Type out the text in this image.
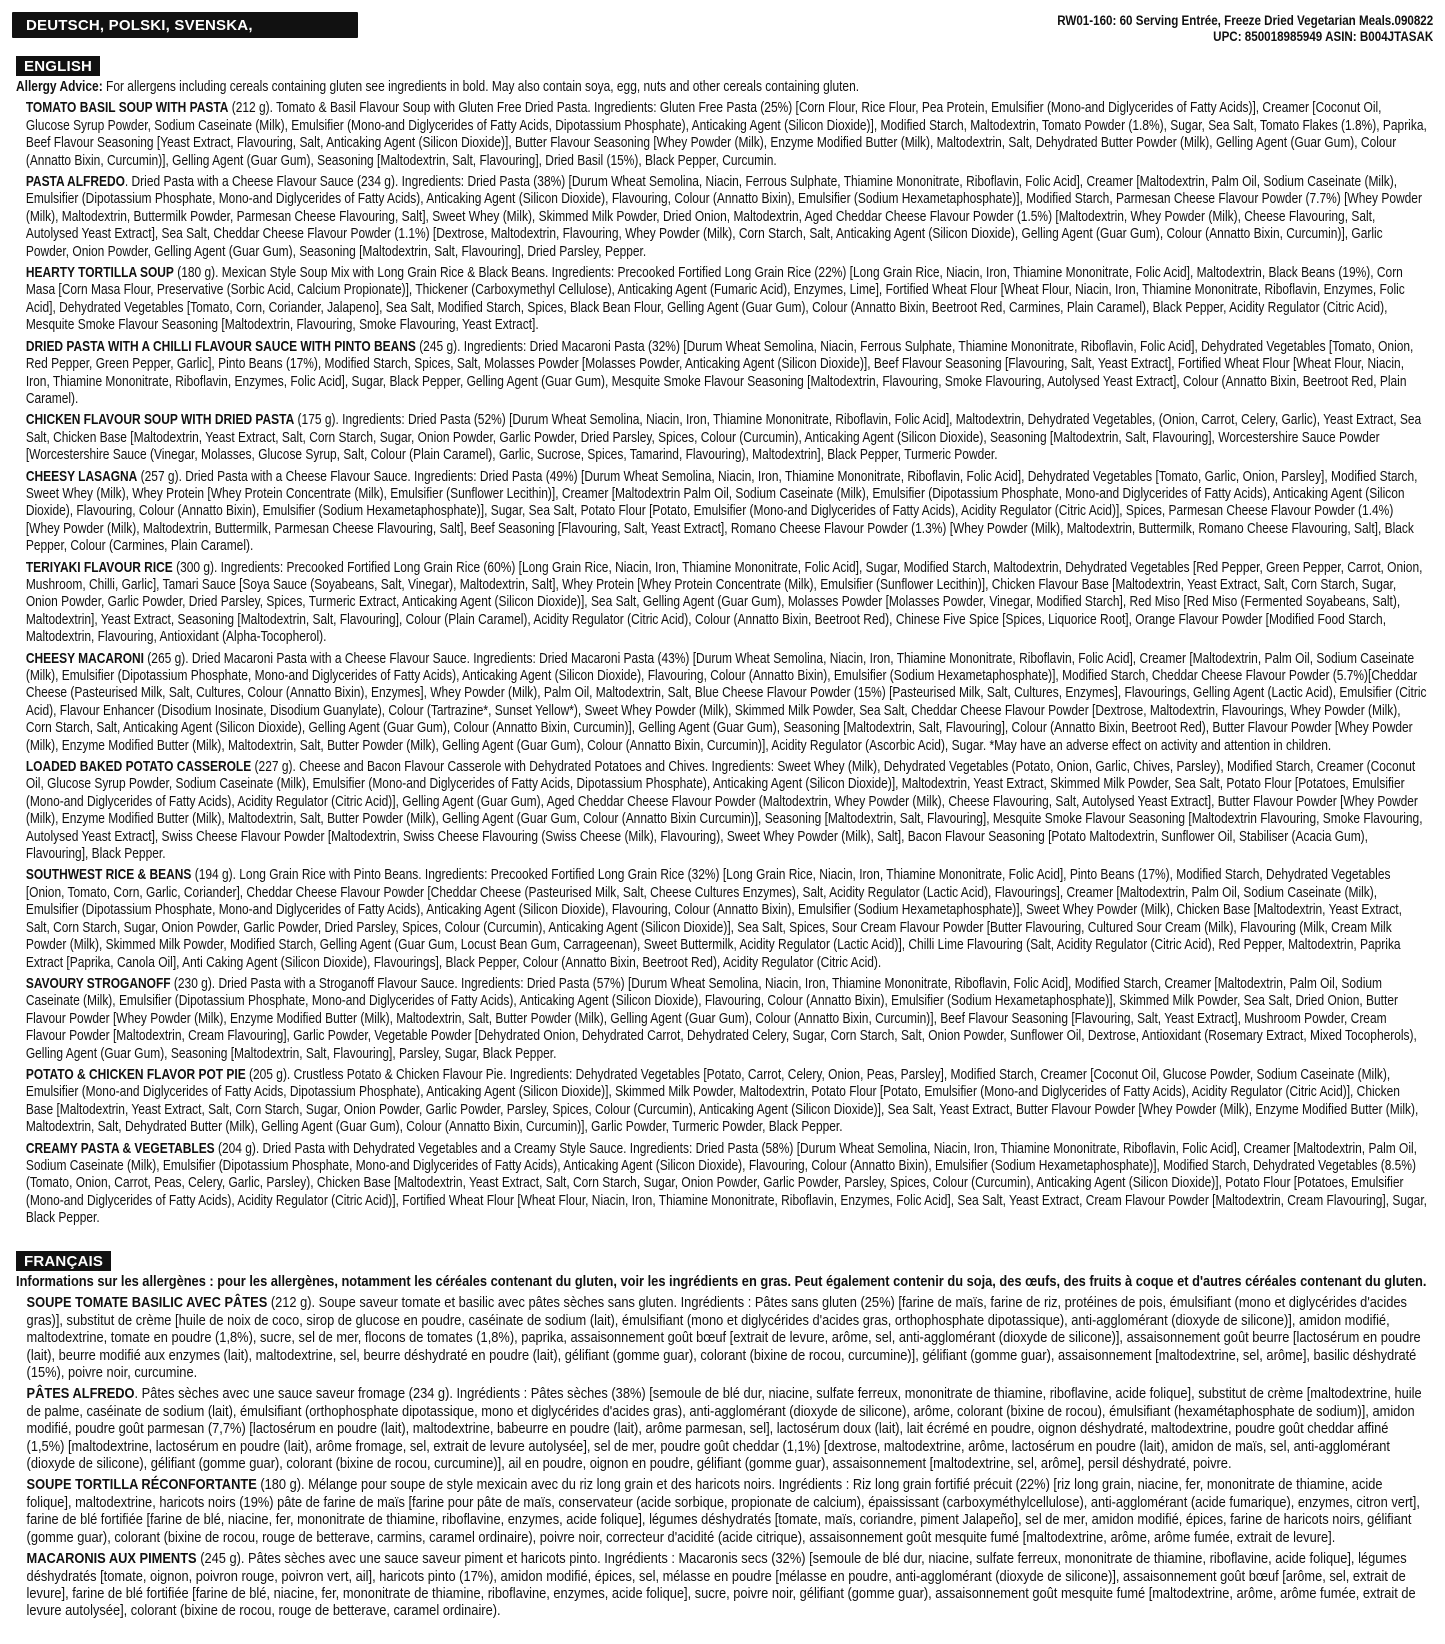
DEUTSCH, POLSKI, SVENSKA, NEDERLAND
RW01-160: 60 Serving Entrée, Freeze Dried Vegetarian Meals.090822
UPC: 850018985949 ASIN: B004JTASAK
ENGLISH

Allergy Advice: For allergens including cereals containing gluten see ingredients in bold. May also contain soya, egg, nuts and other cereals containing gluten.

TOMATO BASIL SOUP WITH PASTA (212 g). Tomato & Basil Flavour Soup with Gluten Free Dried Pasta. Ingredients: Gluten Free Pasta (25%) [Corn Flour, Rice Flour, Pea Protein, Emulsifier (Mono-and Diglycerides of Fatty Acids)], Creamer [Coconut Oil, Glucose Syrup Powder, Sodium Caseinate (Milk), Emulsifier (Mono-and Diglycerides of Fatty Acids, Dipotassium Phosphate), Anticaking Agent (Silicon Dioxide)], Modified Starch, Maltodextrin, Tomato Powder (1.8%), Sugar, Sea Salt, Tomato Flakes (1.8%), Paprika, Beef Flavour Seasoning [Yeast Extract, Flavouring, Salt, Anticaking Agent (Silicon Dioxide)], Butter Flavour Seasoning [Whey Powder (Milk), Enzyme Modified Butter (Milk), Maltodextrin, Salt, Dehydrated Butter Powder (Milk), Gelling Agent (Guar Gum), Colour (Annatto Bixin, Curcumin)], Gelling Agent (Guar Gum), Seasoning [Maltodextrin, Salt, Flavouring], Dried Basil (15%), Black Pepper, Curcumin.

PASTA ALFREDO. Dried Pasta with a Cheese Flavour Sauce (234 g). Ingredients: Dried Pasta (38%) [Durum Wheat Semolina, Niacin, Ferrous Sulphate, Thiamine Mononitrate, Riboflavin, Folic Acid], Creamer [Maltodextrin, Palm Oil, Sodium Caseinate (Milk), Emulsifier (Dipotassium Phosphate, Mono-and Diglycerides of Fatty Acids), Anticaking Agent (Silicon Dioxide), Flavouring, Colour (Annatto Bixin), Emulsifier (Sodium Hexametaphosphate)], Modified Starch, Parmesan Cheese Flavour Powder (7.7%) [Whey Powder (Milk), Maltodextrin, Buttermilk Powder, Parmesan Cheese Flavouring, Salt], Sweet Whey (Milk), Skimmed Milk Powder, Dried Onion, Maltodextrin, Aged Cheddar Cheese Flavour Powder (1.5%) [Maltodextrin, Whey Powder (Milk), Cheese Flavouring, Salt, Autolysed Yeast Extract], Sea Salt, Cheddar Cheese Flavour Powder (1.1%) [Dextrose, Maltodextrin, Flavouring, Whey Powder (Milk), Corn Starch, Salt, Anticaking Agent (Silicon Dioxide), Gelling Agent (Guar Gum), Colour (Annatto Bixin, Curcumin)], Garlic Powder, Onion Powder, Gelling Agent (Guar Gum), Seasoning [Maltodextrin, Salt, Flavouring], Dried Parsley, Pepper.

HEARTY TORTILLA SOUP (180 g). Mexican Style Soup Mix with Long Grain Rice & Black Beans. Ingredients: Precooked Fortified Long Grain Rice (22%) [Long Grain Rice, Niacin, Iron, Thiamine Mononitrate, Folic Acid], Maltodextrin, Black Beans (19%), Corn Masa [Corn Masa Flour, Preservative (Sorbic Acid, Calcium Propionate)], Thickener (Carboxymethyl Cellulose), Anticaking Agent (Fumaric Acid), Enzymes, Lime], Fortified Wheat Flour [Wheat Flour, Niacin, Iron, Thiamine Mononitrate, Riboflavin, Enzymes, Folic Acid], Dehydrated Vegetables [Tomato, Corn, Coriander, Jalapeno], Sea Salt, Modified Starch, Spices, Black Bean Flour, Gelling Agent (Guar Gum), Colour (Annatto Bixin, Beetroot Red, Carmines, Plain Caramel), Black Pepper, Acidity Regulator (Citric Acid), Mesquite Smoke Flavour Seasoning [Maltodextrin, Flavouring, Smoke Flavouring, Yeast Extract].

DRIED PASTA WITH A CHILLI FLAVOUR SAUCE WITH PINTO BEANS (245 g). Ingredients: Dried Macaroni Pasta (32%) [Durum Wheat Semolina, Niacin, Ferrous Sulphate, Thiamine Mononitrate, Riboflavin, Folic Acid], Dehydrated Vegetables [Tomato, Onion, Red Pepper, Green Pepper, Garlic], Pinto Beans (17%), Modified Starch, Spices, Salt, Molasses Powder [Molasses Powder, Anticaking Agent (Silicon Dioxide)], Beef Flavour Seasoning [Flavouring, Salt, Yeast Extract], Fortified Wheat Flour [Wheat Flour, Niacin, Iron, Thiamine Mononitrate, Riboflavin, Enzymes, Folic Acid], Sugar, Black Pepper, Gelling Agent (Guar Gum), Mesquite Smoke Flavour Seasoning [Maltodextrin, Flavouring, Smoke Flavouring, Autolysed Yeast Extract], Colour (Annatto Bixin, Beetroot Red, Plain Caramel).

CHICKEN FLAVOUR SOUP WITH DRIED PASTA (175 g). Ingredients: Dried Pasta (52%) [Durum Wheat Semolina, Niacin, Iron, Thiamine Mononitrate, Riboflavin, Folic Acid], Maltodextrin, Dehydrated Vegetables, (Onion, Carrot, Celery, Garlic), Yeast Extract, Sea Salt, Chicken Base [Maltodextrin, Yeast Extract, Salt, Corn Starch, Sugar, Onion Powder, Garlic Powder, Dried Parsley, Spices, Colour (Curcumin), Anticaking Agent (Silicon Dioxide), Seasoning [Maltodextrin, Salt, Flavouring], Worcestershire Sauce Powder [Worcestershire Sauce (Vinegar, Molasses, Glucose Syrup, Salt, Colour (Plain Caramel), Garlic, Sucrose, Spices, Tamarind, Flavouring), Maltodextrin], Black Pepper, Turmeric Powder.

CHEESY LASAGNA (257 g). Dried Pasta with a Cheese Flavour Sauce. Ingredients: Dried Pasta (49%) [Durum Wheat Semolina, Niacin, Iron, Thiamine Mononitrate, Riboflavin, Folic Acid], Dehydrated Vegetables [Tomato, Garlic, Onion, Parsley], Modified Starch, Sweet Whey (Milk), Whey Protein [Whey Protein Concentrate (Milk), Emulsifier (Sunflower Lecithin)], Creamer [Maltodextrin Palm Oil, Sodium Caseinate (Milk), Emulsifier (Dipotassium Phosphate, Mono-and Diglycerides of Fatty Acids), Anticaking Agent (Silicon Dioxide), Flavouring, Colour (Annatto Bixin), Emulsifier (Sodium Hexametaphosphate)], Sugar, Sea Salt, Potato Flour [Potato, Emulsifier (Mono-and Diglycerides of Fatty Acids), Acidity Regulator (Citric Acid)], Spices, Parmesan Cheese Flavour Powder (1.4%) [Whey Powder (Milk), Maltodextrin, Buttermilk, Parmesan Cheese Flavouring, Salt], Beef Seasoning [Flavouring, Salt, Yeast Extract], Romano Cheese Flavour Powder (1.3%) [Whey Powder (Milk), Maltodextrin, Buttermilk, Romano Cheese Flavouring, Salt], Black Pepper, Colour (Carmines, Plain Caramel).

TERIYAKI FLAVOUR RICE (300 g). Ingredients: Precooked Fortified Long Grain Rice (60%) [Long Grain Rice, Niacin, Iron, Thiamine Mononitrate, Folic Acid], Sugar, Modified Starch, Maltodextrin, Dehydrated Vegetables [Red Pepper, Green Pepper, Carrot, Onion, Mushroom, Chilli, Garlic], Tamari Sauce [Soya Sauce (Soyabeans, Salt, Vinegar), Maltodextrin, Salt], Whey Protein [Whey Protein Concentrate (Milk), Emulsifier (Sunflower Lecithin)], Chicken Flavour Base [Maltodextrin, Yeast Extract, Salt, Corn Starch, Sugar, Onion Powder, Garlic Powder, Dried Parsley, Spices, Turmeric Extract, Anticaking Agent (Silicon Dioxide)], Sea Salt, Gelling Agent (Guar Gum), Molasses Powder [Molasses Powder, Vinegar, Modified Starch], Red Miso [Red Miso (Fermented Soyabeans, Salt), Maltodextrin], Yeast Extract, Seasoning [Maltodextrin, Salt, Flavouring], Colour (Plain Caramel), Acidity Regulator (Citric Acid), Colour (Annatto Bixin, Beetroot Red), Chinese Five Spice [Spices, Liquorice Root], Orange Flavour Powder [Modified Food Starch, Maltodextrin, Flavouring, Antioxidant (Alpha-Tocopherol).

CHEESY MACARONI (265 g). Dried Macaroni Pasta with a Cheese Flavour Sauce. Ingredients: Dried Macaroni Pasta (43%) [Durum Wheat Semolina, Niacin, Iron, Thiamine Mononitrate, Riboflavin, Folic Acid], Creamer [Maltodextrin, Palm Oil, Sodium Caseinate (Milk), Emulsifier (Dipotassium Phosphate, Mono-and Diglycerides of Fatty Acids), Anticaking Agent (Silicon Dioxide), Flavouring, Colour (Annatto Bixin), Emulsifier (Sodium Hexametaphosphate)], Modified Starch, Cheddar Cheese Flavour Powder (5.7%)[Cheddar Cheese (Pasteurised Milk, Salt, Cultures, Colour (Annatto Bixin), Enzymes], Whey Powder (Milk), Palm Oil, Maltodextrin, Salt, Blue Cheese Flavour Powder (15%) [Pasteurised Milk, Salt, Cultures, Enzymes], Flavourings, Gelling Agent (Lactic Acid), Emulsifier (Citric Acid), Flavour Enhancer (Disodium Inosinate, Disodium Guanylate), Colour (Tartrazine*, Sunset Yellow*), Sweet Whey Powder (Milk), Skimmed Milk Powder, Sea Salt, Cheddar Cheese Flavour Powder [Dextrose, Maltodextrin, Flavourings, Whey Powder (Milk), Corn Starch, Salt, Anticaking Agent (Silicon Dioxide), Gelling Agent (Guar Gum), Colour (Annatto Bixin, Curcumin)], Gelling Agent (Guar Gum), Seasoning [Maltodextrin, Salt, Flavouring], Colour (Annatto Bixin, Beetroot Red), Butter Flavour Powder [Whey Powder (Milk), Enzyme Modified Butter (Milk), Maltodextrin, Salt, Butter Powder (Milk), Gelling Agent (Guar Gum), Colour (Annatto Bixin, Curcumin)], Acidity Regulator (Ascorbic Acid), Sugar. *May have an adverse effect on activity and attention in children.

LOADED BAKED POTATO CASSEROLE (227 g). Cheese and Bacon Flavour Casserole with Dehydrated Potatoes and Chives. Ingredients: Sweet Whey (Milk), Dehydrated Vegetables (Potato, Onion, Garlic, Chives, Parsley), Modified Starch, Creamer (Coconut Oil, Glucose Syrup Powder, Sodium Caseinate (Milk), Emulsifier (Mono-and Diglycerides of Fatty Acids, Dipotassium Phosphate), Anticaking Agent (Silicon Dioxide)], Maltodextrin, Yeast Extract, Skimmed Milk Powder, Sea Salt, Potato Flour [Potatoes, Emulsifier (Mono-and Diglycerides of Fatty Acids), Acidity Regulator (Citric Acid)], Gelling Agent (Guar Gum), Aged Cheddar Cheese Flavour Powder (Maltodextrin, Whey Powder (Milk), Cheese Flavouring, Salt, Autolysed Yeast Extract], Butter Flavour Powder [Whey Powder (Milk), Enzyme Modified Butter (Milk), Maltodextrin, Salt, Butter Powder (Milk), Gelling Agent (Guar Gum, Colour (Annatto Bixin Curcumin)], Seasoning [Maltodextrin, Salt, Flavouring], Mesquite Smoke Flavour Seasoning [Maltodextrin Flavouring, Smoke Flavouring, Autolysed Yeast Extract], Swiss Cheese Flavour Powder [Maltodextrin, Swiss Cheese Flavouring (Swiss Cheese (Milk), Flavouring), Sweet Whey Powder (Milk), Salt], Bacon Flavour Seasoning [Potato Maltodextrin, Sunflower Oil, Stabiliser (Acacia Gum), Flavouring], Black Pepper.

SOUTHWEST RICE & BEANS (194 g). Long Grain Rice with Pinto Beans. Ingredients: Precooked Fortified Long Grain Rice (32%) [Long Grain Rice, Niacin, Iron, Thiamine Mononitrate, Folic Acid], Pinto Beans (17%), Modified Starch, Dehydrated Vegetables [Onion, Tomato, Corn, Garlic, Coriander], Cheddar Cheese Flavour Powder [Cheddar Cheese (Pasteurised Milk, Salt, Cheese Cultures Enzymes), Salt, Acidity Regulator (Lactic Acid), Flavourings], Creamer [Maltodextrin, Palm Oil, Sodium Caseinate (Milk), Emulsifier (Dipotassium Phosphate, Mono-and Diglycerides of Fatty Acids), Anticaking Agent (Silicon Dioxide), Flavouring, Colour (Annatto Bixin), Emulsifier (Sodium Hexametaphosphate)], Sweet Whey Powder (Milk), Chicken Base [Maltodextrin, Yeast Extract, Salt, Corn Starch, Sugar, Onion Powder, Garlic Powder, Dried Parsley, Spices, Colour (Curcumin), Anticaking Agent (Silicon Dioxide)], Sea Salt, Spices, Sour Cream Flavour Powder [Butter Flavouring, Cultured Sour Cream (Milk), Flavouring (Milk, Cream Milk Powder (Milk), Skimmed Milk Powder, Modified Starch, Gelling Agent (Guar Gum, Locust Bean Gum, Carrageenan), Sweet Buttermilk, Acidity Regulator (Lactic Acid)], Chilli Lime Flavouring (Salt, Acidity Regulator (Citric Acid), Red Pepper, Maltodextrin, Paprika Extract [Paprika, Canola Oil], Anti Caking Agent (Silicon Dioxide), Flavourings], Black Pepper, Colour (Annatto Bixin, Beetroot Red), Acidity Regulator (Citric Acid).

SAVOURY STROGANOFF (230 g). Dried Pasta with a Stroganoff Flavour Sauce. Ingredients: Dried Pasta (57%) [Durum Wheat Semolina, Niacin, Iron, Thiamine Mononitrate, Riboflavin, Folic Acid], Modified Starch, Creamer [Maltodextrin, Palm Oil, Sodium Caseinate (Milk), Emulsifier (Dipotassium Phosphate, Mono-and Diglycerides of Fatty Acids), Anticaking Agent (Silicon Dioxide), Flavouring, Colour (Annatto Bixin), Emulsifier (Sodium Hexametaphosphate)], Skimmed Milk Powder, Sea Salt, Dried Onion, Butter Flavour Powder [Whey Powder (Milk), Enzyme Modified Butter (Milk), Maltodextrin, Salt, Butter Powder (Milk), Gelling Agent (Guar Gum), Colour (Annatto Bixin, Curcumin)], Beef Flavour Seasoning [Flavouring, Salt, Yeast Extract], Mushroom Powder, Cream Flavour Powder [Maltodextrin, Cream Flavouring], Garlic Powder, Vegetable Powder [Dehydrated Onion, Dehydrated Carrot, Dehydrated Celery, Sugar, Corn Starch, Salt, Onion Powder, Sunflower Oil, Dextrose, Antioxidant (Rosemary Extract, Mixed Tocopherols), Gelling Agent (Guar Gum), Seasoning [Maltodextrin, Salt, Flavouring], Parsley, Sugar, Black Pepper.

POTATO & CHICKEN FLAVOR POT PIE (205 g). Crustless Potato & Chicken Flavour Pie. Ingredients: Dehydrated Vegetables [Potato, Carrot, Celery, Onion, Peas, Parsley], Modified Starch, Creamer [Coconut Oil, Glucose Powder, Sodium Caseinate (Milk), Emulsifier (Mono-and Diglycerides of Fatty Acids, Dipotassium Phosphate), Anticaking Agent (Silicon Dioxide)], Skimmed Milk Powder, Maltodextrin, Potato Flour [Potato, Emulsifier (Mono-and Diglycerides of Fatty Acids), Acidity Regulator (Citric Acid)], Chicken Base [Maltodextrin, Yeast Extract, Salt, Corn Starch, Sugar, Onion Powder, Garlic Powder, Parsley, Spices, Colour (Curcumin), Anticaking Agent (Silicon Dioxide)], Sea Salt, Yeast Extract, Butter Flavour Powder [Whey Powder (Milk), Enzyme Modified Butter (Milk), Maltodextrin, Salt, Dehydrated Butter (Milk), Gelling Agent (Guar Gum), Colour (Annatto Bixin, Curcumin)], Garlic Powder, Turmeric Powder, Black Pepper.

CREAMY PASTA & VEGETABLES (204 g). Dried Pasta with Dehydrated Vegetables and a Creamy Style Sauce. Ingredients: Dried Pasta (58%) [Durum Wheat Semolina, Niacin, Iron, Thiamine Mononitrate, Riboflavin, Folic Acid], Creamer [Maltodextrin, Palm Oil, Sodium Caseinate (Milk), Emulsifier (Dipotassium Phosphate, Mono-and Diglycerides of Fatty Acids), Anticaking Agent (Silicon Dioxide), Flavouring, Colour (Annatto Bixin), Emulsifier (Sodium Hexametaphosphate)], Modified Starch, Dehydrated Vegetables (8.5%) (Tomato, Onion, Carrot, Peas, Celery, Garlic, Parsley), Chicken Base [Maltodextrin, Yeast Extract, Salt, Corn Starch, Sugar, Onion Powder, Garlic Powder, Parsley, Spices, Colour (Curcumin), Anticaking Agent (Silicon Dioxide)], Potato Flour [Potatoes, Emulsifier (Mono-and Diglycerides of Fatty Acids), Acidity Regulator (Citric Acid)], Fortified Wheat Flour [Wheat Flour, Niacin, Iron, Thiamine Mononitrate, Riboflavin, Enzymes, Folic Acid], Sea Salt, Yeast Extract, Cream Flavour Powder [Maltodextrin, Cream Flavouring], Sugar, Black Pepper.

FRANÇAIS

Informations sur les allergènes : pour les allergènes, notamment les céréales contenant du gluten, voir les ingrédients en gras. Peut également contenir du soja, des œufs, des fruits à coque et d'autres céréales contenant du gluten.

SOUPE TOMATE BASILIC AVEC PÂTES (212 g). Soupe saveur tomate et basilic avec pâtes sèches sans gluten. Ingrédients : Pâtes sans gluten (25%) [farine de maïs, farine de riz, protéines de pois, émulsifiant (mono et diglycérides d'acides gras)], substitut de crème [huile de noix de coco, sirop de glucose en poudre, caséinate de sodium (lait), émulsifiant (mono et diglycérides d'acides gras, orthophosphate dipotassique), anti-agglomérant (dioxyde de silicone)], amidon modifié, maltodextrine, tomate en poudre (1,8%), sucre, sel de mer, flocons de tomates (1,8%), paprika, assaisonnement goût bœuf [extrait de levure, arôme, sel, anti-agglomérant (dioxyde de silicone)], assaisonnement goût beurre [lactosérum en poudre (lait), beurre modifié aux enzymes (lait), maltodextrine, sel, beurre déshydraté en poudre (lait), gélifiant (gomme guar), colorant (bixine de rocou, curcumine)], gélifiant (gomme guar), assaisonnement [maltodextrine, sel, arôme], basilic déshydraté (15%), poivre noir, curcumine.

PÂTES ALFREDO. Pâtes sèches avec une sauce saveur fromage (234 g). Ingrédients : Pâtes sèches (38%) [semoule de blé dur, niacine, sulfate ferreux, mononitrate de thiamine, riboflavine, acide folique], substitut de crème [maltodextrine, huile de palme, caséinate de sodium (lait), émulsifiant (orthophosphate dipotassique, mono et diglycérides d'acides gras), anti-agglomérant (dioxyde de silicone), arôme, colorant (bixine de rocou), émulsifiant (hexamétaphosphate de sodium)], amidon modifié, poudre goût parmesan (7,7%) [lactosérum en poudre (lait), maltodextrine, babeurre en poudre (lait), arôme parmesan, sel], lactosérum doux (lait), lait écrémé en poudre, oignon déshydraté, maltodextrine, poudre goût cheddar affiné (1,5%) [maltodextrine, lactosérum en poudre (lait), arôme fromage, sel, extrait de levure autolysée], sel de mer, poudre goût cheddar (1,1%) [dextrose, maltodextrine, arôme, lactosérum en poudre (lait), amidon de maïs, sel, anti-agglomérant (dioxyde de silicone), gélifiant (gomme guar), colorant (bixine de rocou, curcumine)], ail en poudre, oignon en poudre, gélifiant (gomme guar), assaisonnement [maltodextrine, sel, arôme], persil déshydraté, poivre.

SOUPE TORTILLA RÉCONFORTANTE (180 g). Mélange pour soupe de style mexicain avec du riz long grain et des haricots noirs. Ingrédients : Riz long grain fortifié précuit (22%) [riz long grain, niacine, fer, mononitrate de thiamine, acide folique], maltodextrine, haricots noirs (19%) pâte de farine de maïs [farine pour pâte de maïs, conservateur (acide sorbique, propionate de calcium), épaississant (carboxyméthylcellulose), anti-agglomérant (acide fumarique), enzymes, citron vert], farine de blé fortifiée [farine de blé, niacine, fer, mononitrate de thiamine, riboflavine, enzymes, acide folique], légumes déshydratés [tomate, maïs, coriandre, piment Jalapeño], sel de mer, amidon modifié, épices, farine de haricots noirs, gélifiant (gomme guar), colorant (bixine de rocou, rouge de betterave, carmins, caramel ordinaire), poivre noir, correcteur d'acidité (acide citrique), assaisonnement goût mesquite fumé [maltodextrine, arôme, arôme fumée, extrait de levure].

MACARONIS AUX PIMENTS (245 g). Pâtes sèches avec une sauce saveur piment et haricots pinto. Ingrédients : Macaronis secs (32%) [semoule de blé dur, niacine, sulfate ferreux, mononitrate de thiamine, riboflavine, acide folique], légumes déshydratés [tomate, oignon, poivron rouge, poivron vert, ail], haricots pinto (17%), amidon modifié, épices, sel, mélasse en poudre [mélasse en poudre, anti-agglomérant (dioxyde de silicone)], assaisonnement goût bœuf [arôme, sel, extrait de levure], farine de blé fortifiée [farine de blé, niacine, fer, mononitrate de thiamine, riboflavine, enzymes, acide folique], sucre, poivre noir, gélifiant (gomme guar), assaisonnement goût mesquite fumé [maltodextrine, arôme, arôme fumée, extrait de levure autolysée], colorant (bixine de rocou, rouge de betterave, caramel ordinaire).
